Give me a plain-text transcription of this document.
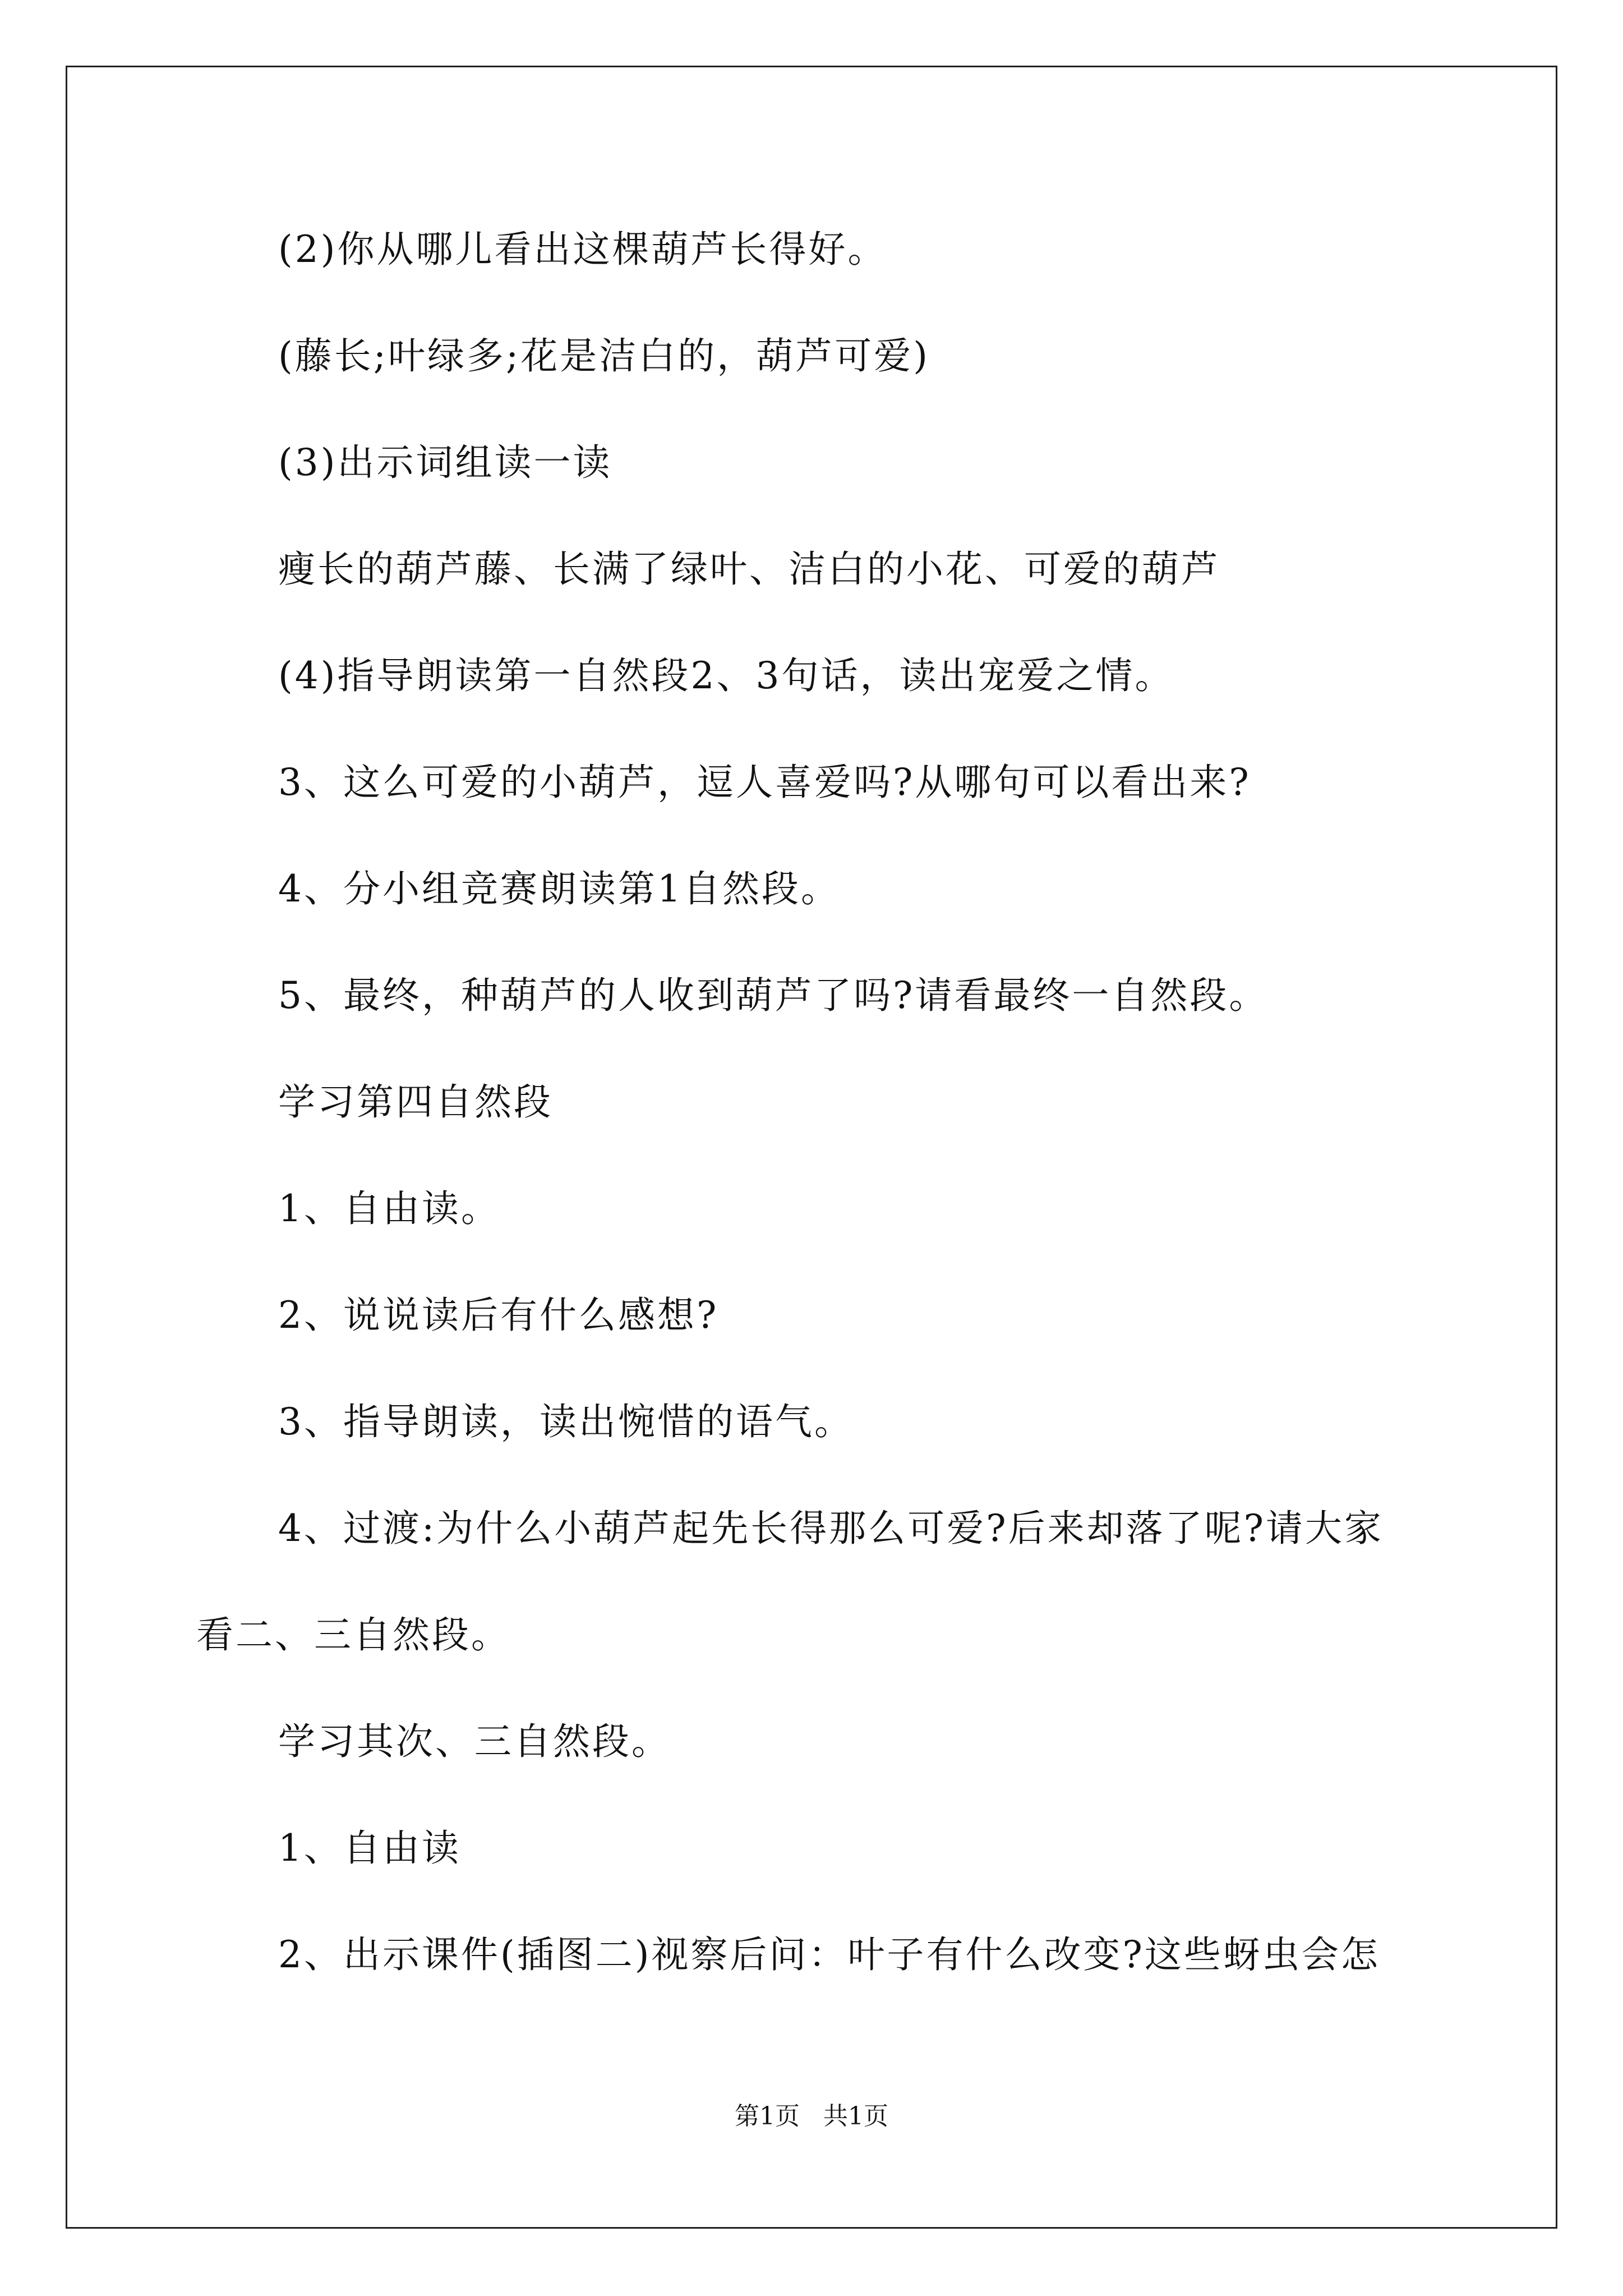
(2)你从哪儿看出这棵葫芦长得好。
(藤长;叶绿多;花是洁白的，葫芦可爱)
(3)出示词组读一读
瘦长的葫芦藤、长满了绿叶、洁白的小花、可爱的葫芦
(4)指导朗读第一自然段2、3句话，读出宠爱之情。
3、这么可爱的小葫芦，逗人喜爱吗?从哪句可以看出来?
4、分小组竞赛朗读第1自然段。
5、最终，种葫芦的人收到葫芦了吗?请看最终一自然段。
学习第四自然段
1、自由读。
2、说说读后有什么感想?
3、指导朗读，读出惋惜的语气。
4、过渡:为什么小葫芦起先长得那么可爱?后来却落了呢?请大家
看二、三自然段。
学习其次、三自然段。
1、自由读
2、出示课件(插图二)视察后问：叶子有什么改变?这些蚜虫会怎
第1页   共1页
